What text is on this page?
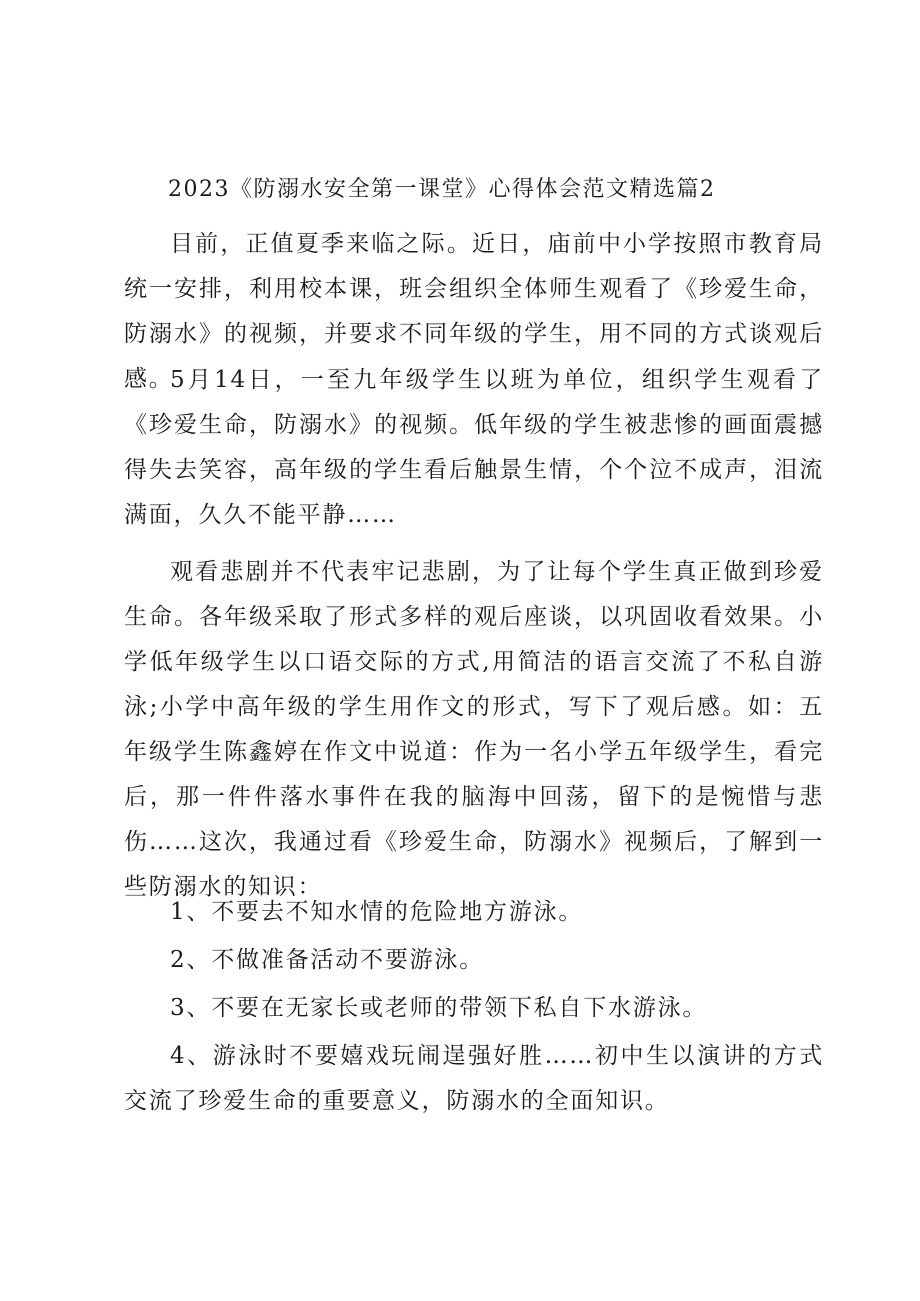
2023《防溺水安全第一课堂》心得体会范文精选篇2

目前，正值夏季来临之际。近日，庙前中小学按照市教育局统一安排，利用校本课，班会组织全体师生观看了《珍爱生命，防溺水》的视频，并要求不同年级的学生，用不同的方式谈观后感。

5月14日，一至九年级学生以班为单位，组织学生观看了《珍爱生命，防溺水》的视频。低年级的学生被悲惨的画面震撼得失去笑容，高年级的学生看后触景生情，个个泣不成声，泪流满面，久久不能平静……

观看悲剧并不代表牢记悲剧，为了让每个学生真正做到珍爱生命。各年级采取了形式多样的观后座谈，以巩固收看效果。小学低年级学生以口语交际的方式,用简洁的语言交流了不私自游泳;小学中高年级的学生用作文的形式，写下了观后感。如：五年级学生陈鑫婷在作文中说道：作为一名小学五年级学生，看完后，那一件件落水事件在我的脑海中回荡，留下的是惋惜与悲伤……这次，我通过看《珍爱生命，防溺水》视频后，了解到一些防溺水的知识：

1、不要去不知水情的危险地方游泳。

2、不做准备活动不要游泳。

3、不要在无家长或老师的带领下私自下水游泳。

4、游泳时不要嬉戏玩闹逞强好胜……初中生以演讲的方式交流了珍爱生命的重要意义，防溺水的全面知识。
